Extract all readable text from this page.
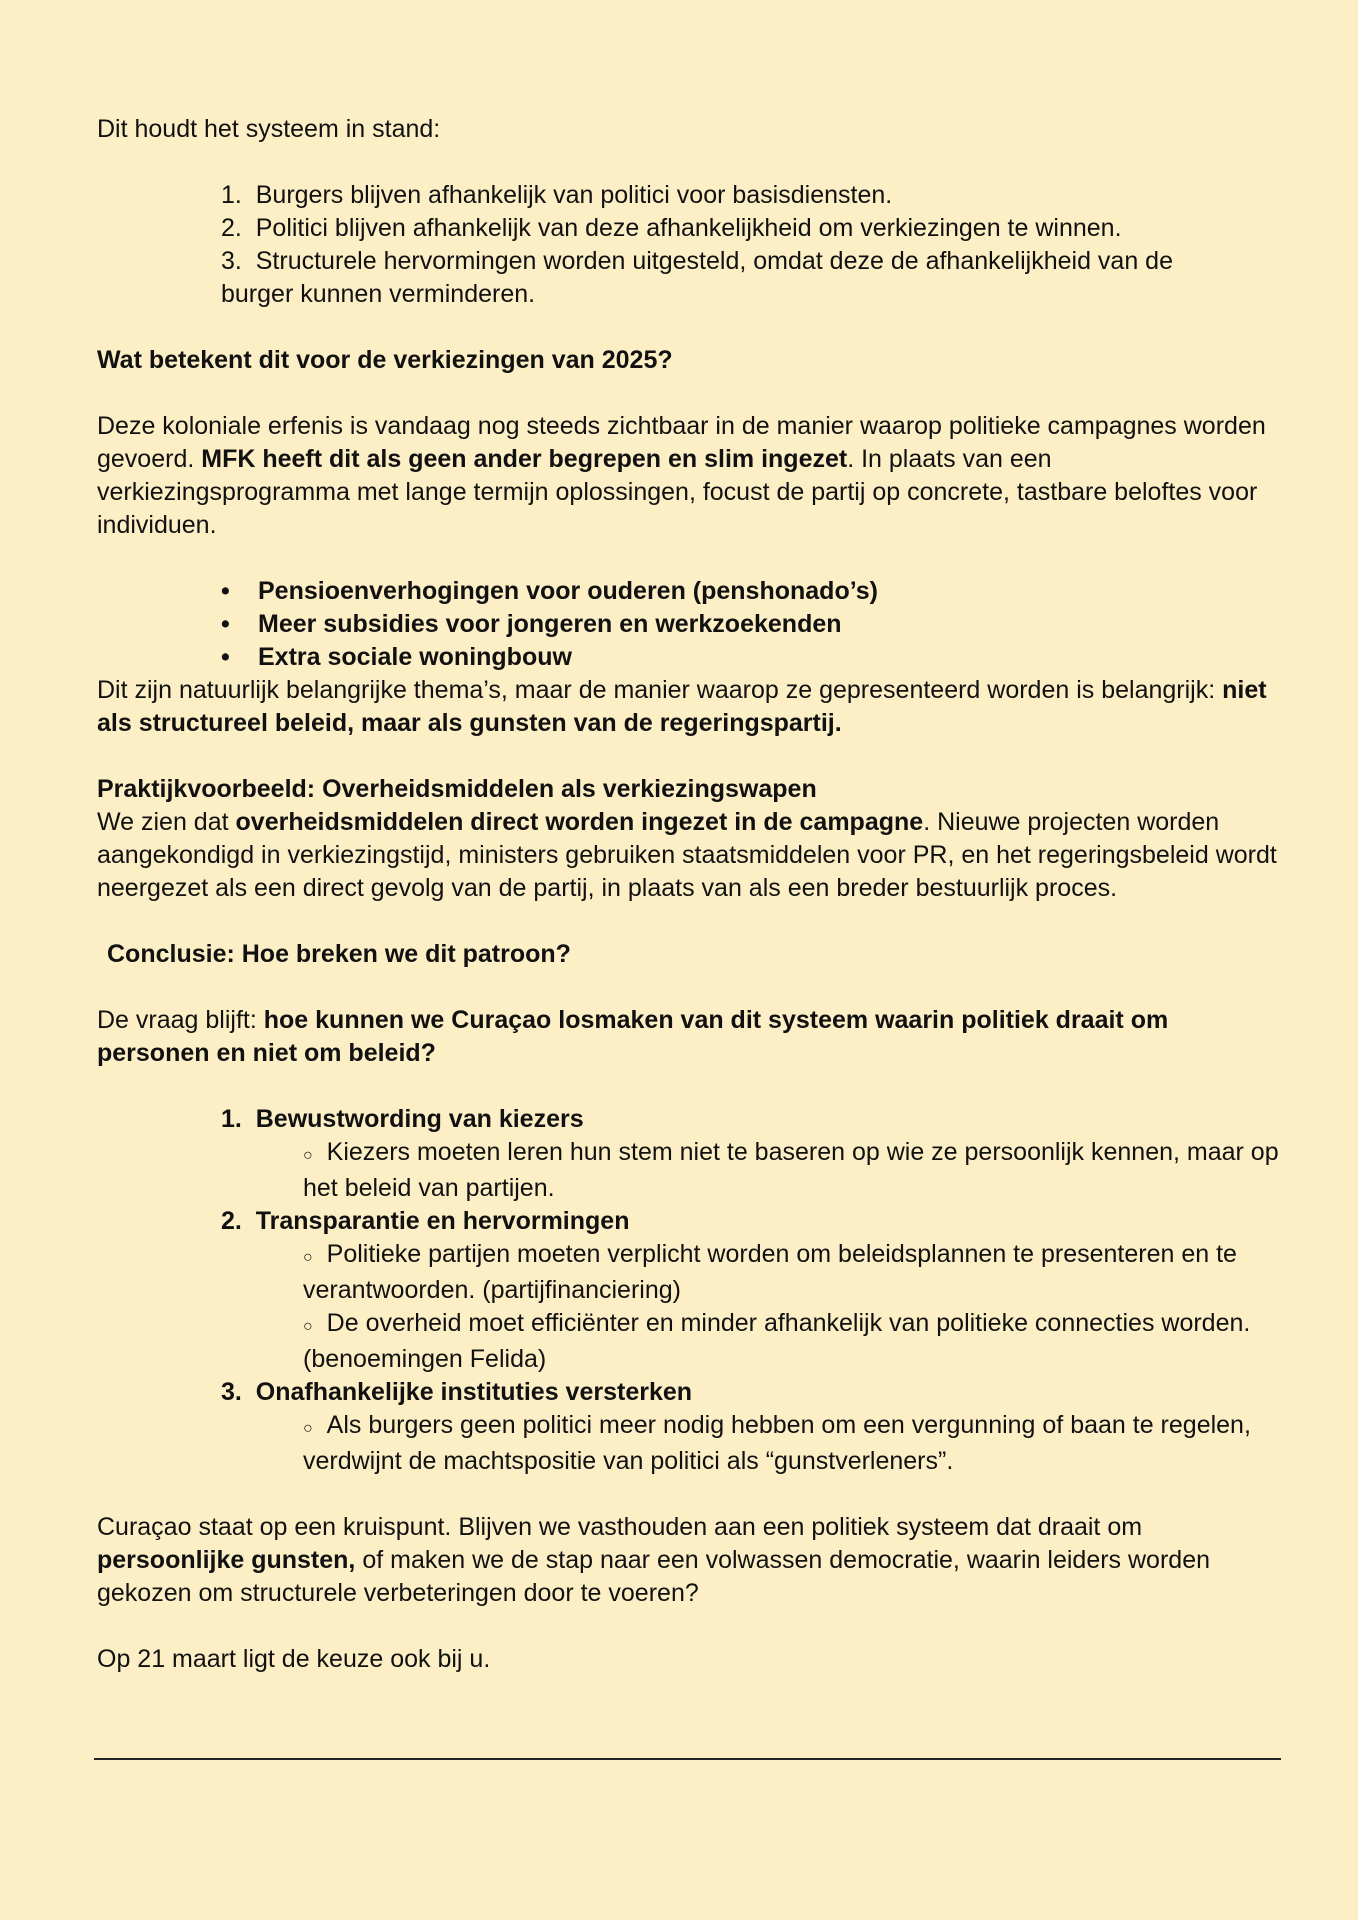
Dit houdt het systeem in stand:

1.  Burgers blijven afhankelijk van politici voor basisdiensten.
2.  Politici blijven afhankelijk van deze afhankelijkheid om verkiezingen te winnen.
3.  Structurele hervormingen worden uitgesteld, omdat deze de afhankelijkheid van de
burger kunnen verminderen.

Wat betekent dit voor de verkiezingen van 2025?

Deze koloniale erfenis is vandaag nog steeds zichtbaar in de manier waarop politieke campagnes worden gevoerd. MFK heeft dit als geen ander begrepen en slim ingezet. In plaats van een verkiezingsprogramma met lange termijn oplossingen, focust de partij op concrete, tastbare beloftes voor individuen.

• Pensioenverhogingen voor ouderen (penshonado’s)
• Meer subsidies voor jongeren en werkzoekenden
• Extra sociale woningbouw

Dit zijn natuurlijk belangrijke thema’s, maar de manier waarop ze gepresenteerd worden is belangrijk: niet als structureel beleid, maar als gunsten van de regeringspartij.

Praktijkvoorbeeld: Overheidsmiddelen als verkiezingswapen

We zien dat overheidsmiddelen direct worden ingezet in de campagne. Nieuwe projecten worden aangekondigd in verkiezingstijd, ministers gebruiken staatsmiddelen voor PR, en het regeringsbeleid wordt neergezet als een direct gevolg van de partij, in plaats van als een breder bestuurlijk proces.

Conclusie: Hoe breken we dit patroon?

De vraag blijft: hoe kunnen we Curaçao losmaken van dit systeem waarin politiek draait om personen en niet om beleid?

1.  Bewustwording van kiezers
○ Kiezers moeten leren hun stem niet te baseren op wie ze persoonlijk kennen, maar op het beleid van partijen.
2.  Transparantie en hervormingen
○ Politieke partijen moeten verplicht worden om beleidsplannen te presenteren en te verantwoorden. (partijfinanciering)
○ De overheid moet efficiënter en minder afhankelijk van politieke connecties worden. (benoemingen Felida)
3.  Onafhankelijke instituties versterken
○ Als burgers geen politici meer nodig hebben om een vergunning of baan te regelen, verdwijnt de machtspositie van politici als “gunstverleners”.

Curaçao staat op een kruispunt. Blijven we vasthouden aan een politiek systeem dat draait om persoonlijke gunsten, of maken we de stap naar een volwassen democratie, waarin leiders worden gekozen om structurele verbeteringen door te voeren?

Op 21 maart ligt de keuze ook bij u.
